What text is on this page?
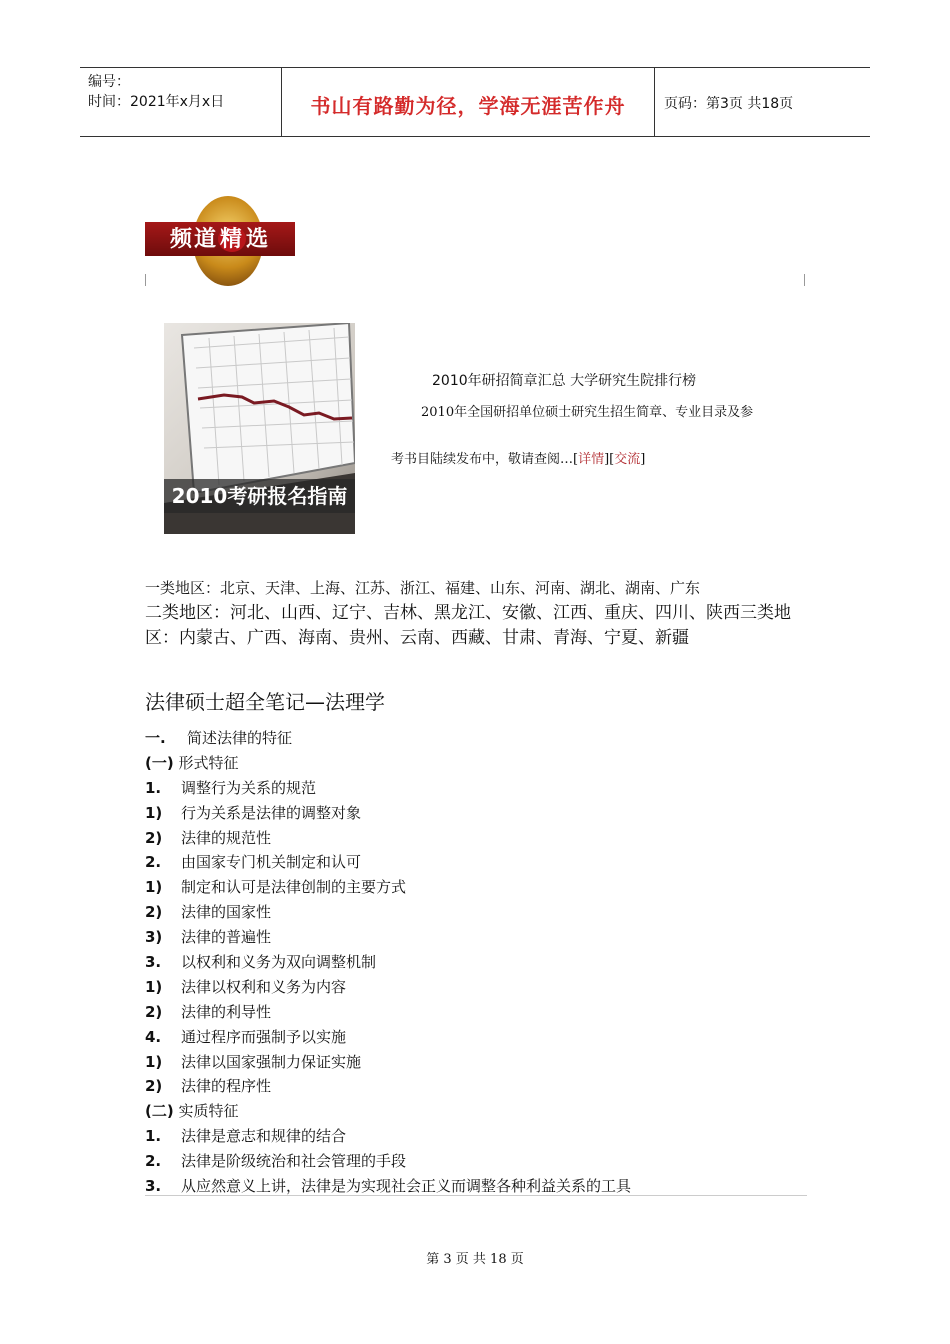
编号：
时间：2021年x月x日	书山有路勤为径，学海无涯苦作舟	页码：第3页 共18页
频道精选
2010考研报名指南
2010年研招简章汇总 大学研究生院排行榜
2010年全国研招单位硕士研究生招生简章、专业目录及参
考书目陆续发布中，敬请查阅…[详情][交流]
一类地区：北京、天津、上海、江苏、浙江、福建、山东、河南、湖北、湖南、广东
二类地区：河北、山西、辽宁、吉林、黑龙江、安徽、江西、重庆、四川、陕西三类地区：内蒙古、广西、海南、贵州、云南、西藏、甘肃、青海、宁夏、新疆
法律硕士超全笔记—法理学
一. 简述法律的特征
(一) 形式特征
1. 调整行为关系的规范
1) 行为关系是法律的调整对象
2) 法律的规范性
2. 由国家专门机关制定和认可
1) 制定和认可是法律创制的主要方式
2) 法律的国家性
3) 法律的普遍性
3. 以权利和义务为双向调整机制
1) 法律以权利和义务为内容
2) 法律的利导性
4. 通过程序而强制予以实施
1) 法律以国家强制力保证实施
2) 法律的程序性
(二) 实质特征
1. 法律是意志和规律的结合
2. 法律是阶级统治和社会管理的手段
3. 从应然意义上讲，法律是为实现社会正义而调整各种利益关系的工具
第 3 页 共 18 页
